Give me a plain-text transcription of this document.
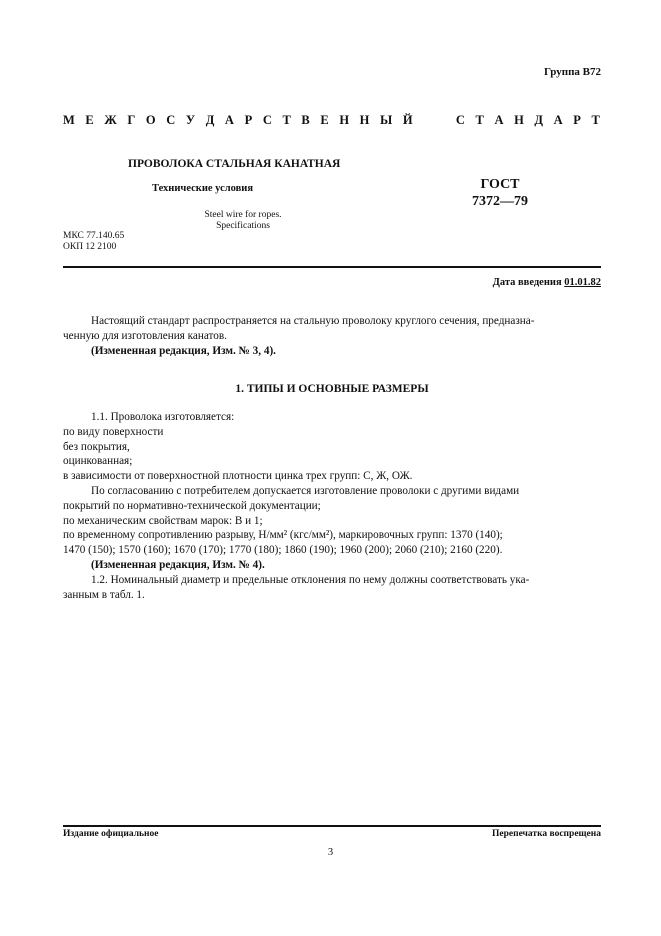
Группа В72
М Е Ж Г О С У Д А Р С Т В Е Н Н Ы Й	С Т А Н Д А Р Т
ПРОВОЛОКА СТАЛЬНАЯ КАНАТНАЯ
Технические условия
Steel wire for ropes.
Specifications
ГОСТ
7372—79
МКС 77.140.65
ОКП 12 2100
Дата введения 01.01.82

Настоящий стандарт распространяется на стальную проволоку круглого сечения, предназна-

ченную для изготовления канатов.

(Измененная редакция, Изм. № 3, 4).

1. ТИПЫ И ОСНОВНЫЕ РАЗМЕРЫ

1.1. Проволока изготовляется:

по виду поверхности

без покрытия,

оцинкованная;

в зависимости от поверхностной плотности цинка трех групп: С, Ж, ОЖ.

По согласованию с потребителем допускается изготовление проволоки с другими видами

покрытий по нормативно-технической документации;

по механическим свойствам марок: В и 1;

по временному сопротивлению разрыву, Н/мм² (кгс/мм²), маркировочных групп: 1370 (140);

1470 (150); 1570 (160); 1670 (170); 1770 (180); 1860 (190); 1960 (200); 2060 (210); 2160 (220).

(Измененная редакция, Изм. № 4).

1.2. Номинальный диаметр и предельные отклонения по нему должны соответствовать ука-

занным в табл. 1.

Издание официальное	Перепечатка воспрещена
3
